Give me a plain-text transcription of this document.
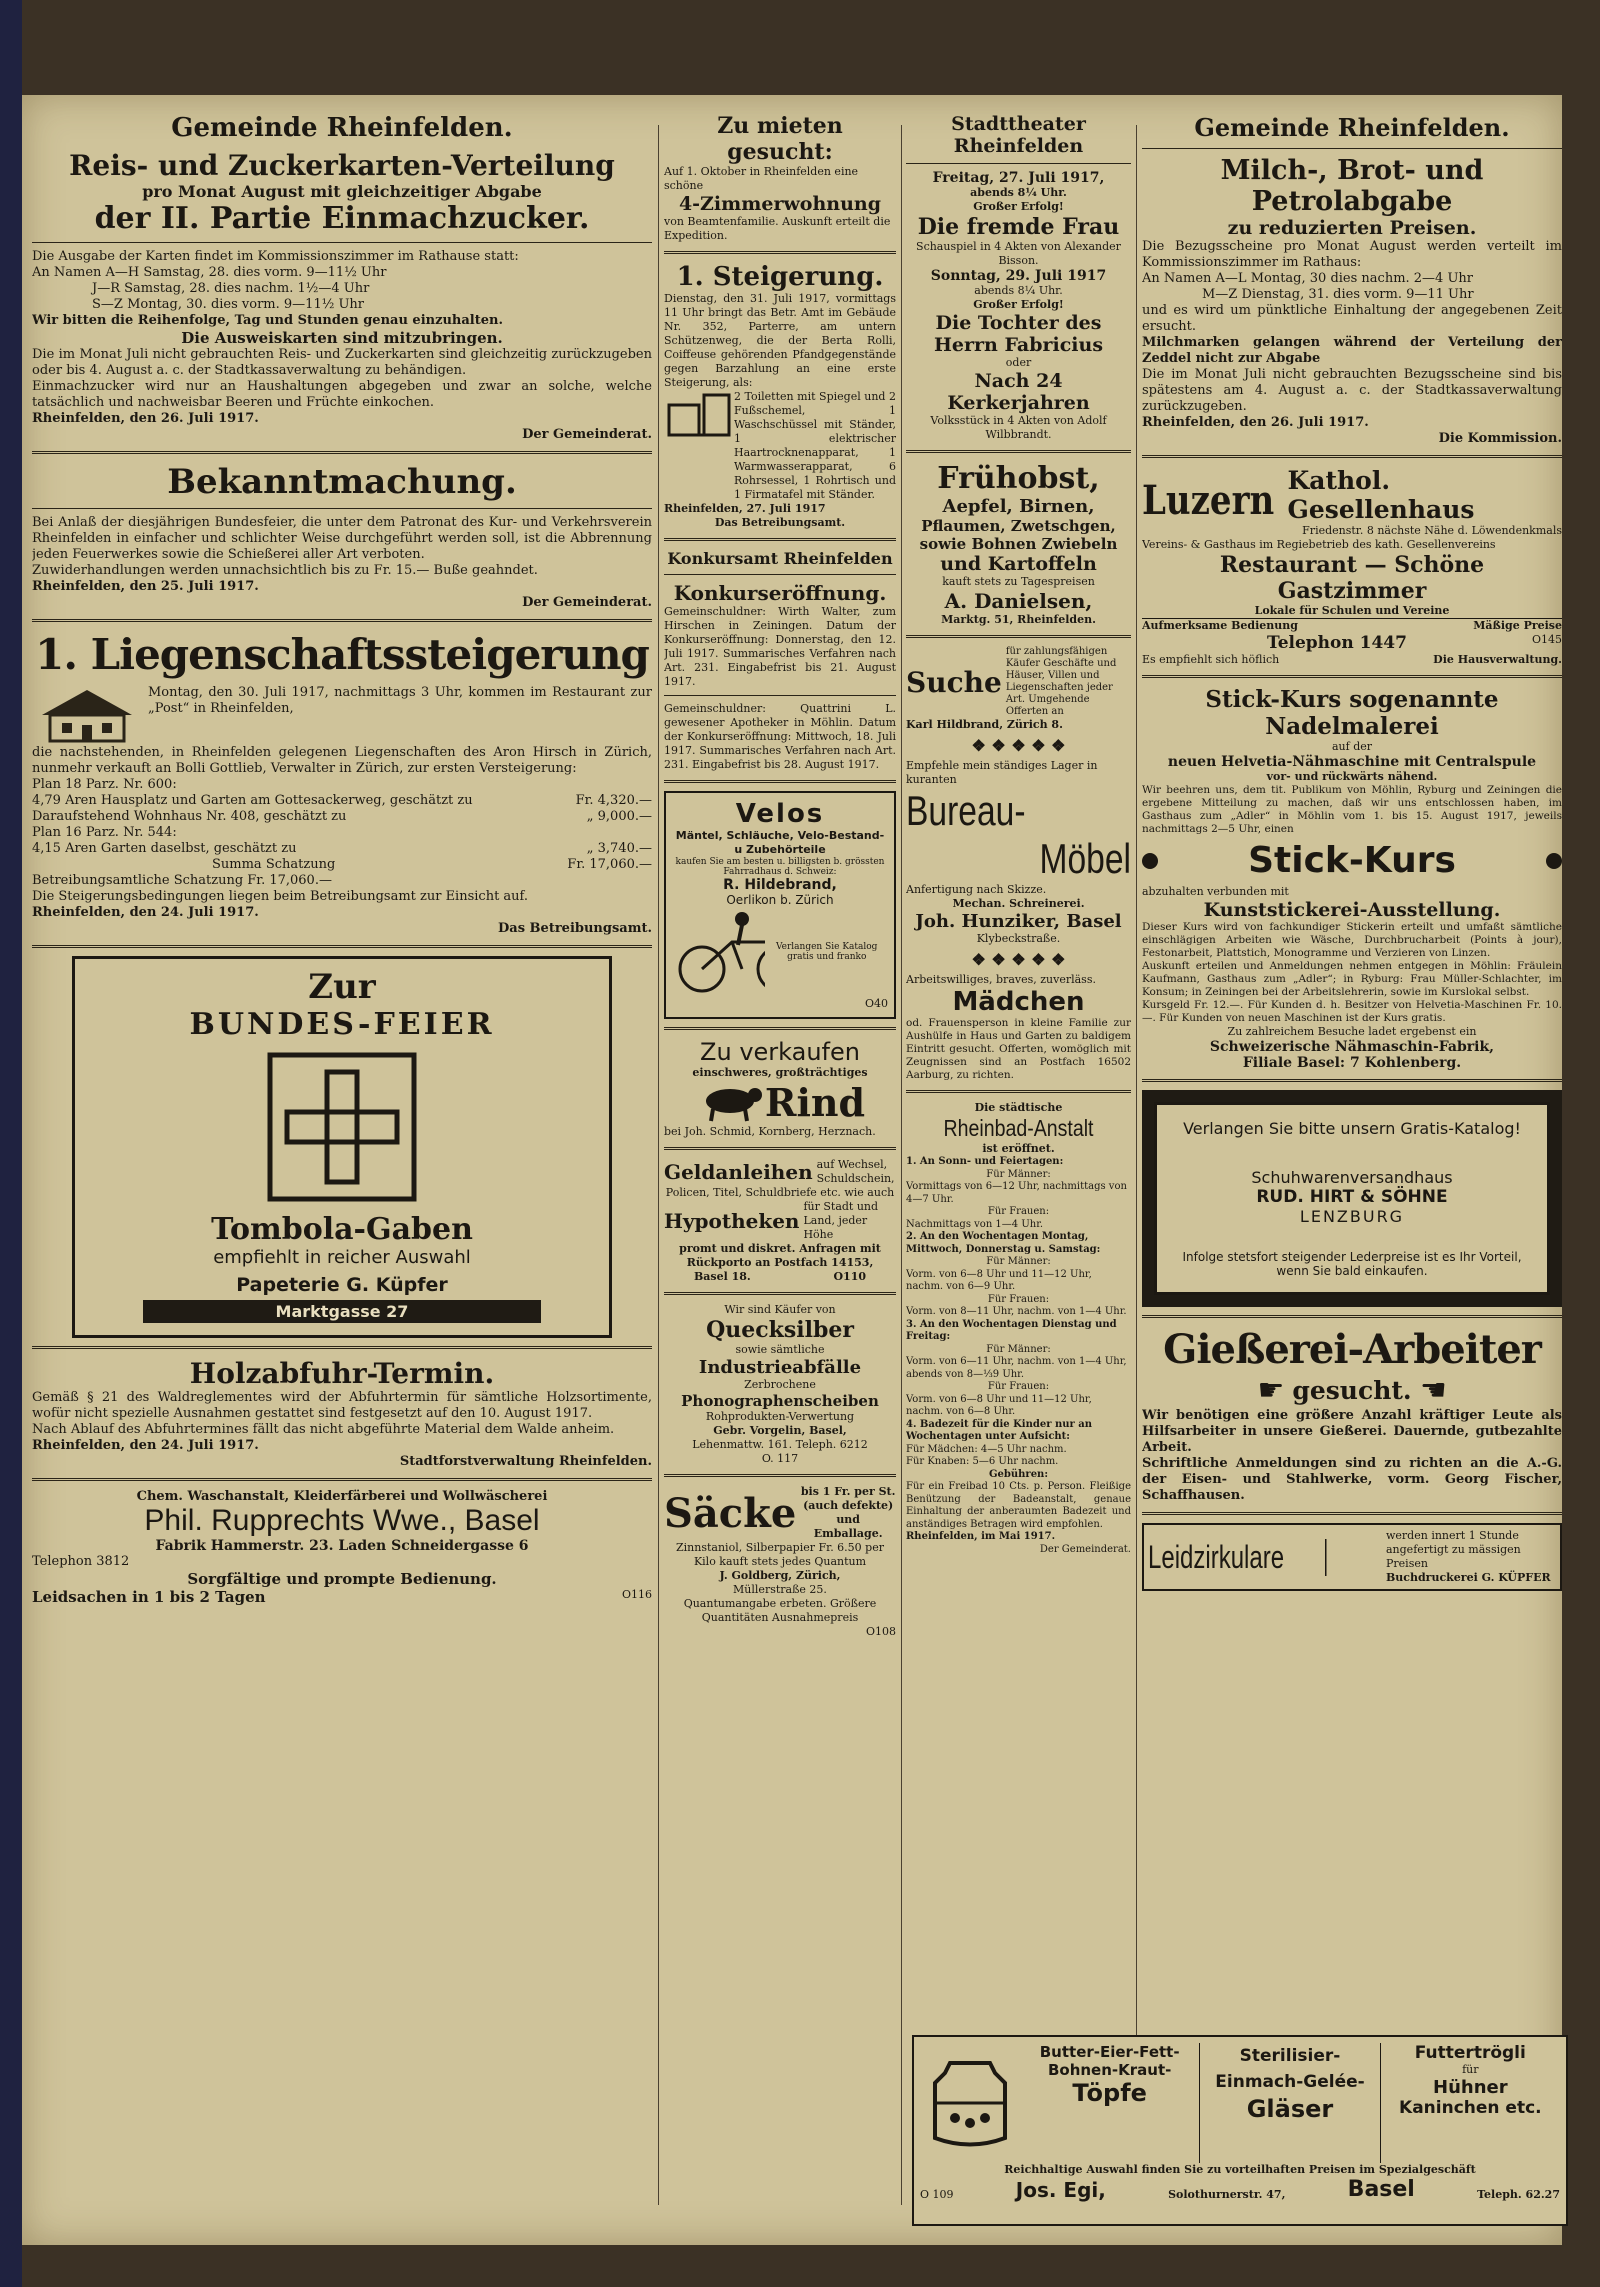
Gemeinde Rheinfelden.

Reis- und Zuckerkarten-Verteilung

pro Monat August mit gleichzeitiger Abgabe

der II. Partie Einmachzucker.

Die Ausgabe der Karten findet im Kommissionszimmer im Rathause statt:

An Namen A—H Samstag, 28. dies vorm. 9—11½ Uhr

J—R Samstag, 28. dies nachm. 1½—4 Uhr

S—Z Montag, 30. dies vorm. 9—11½ Uhr

Wir bitten die Reihenfolge, Tag und Stunden genau einzuhalten.

Die Ausweiskarten sind mitzubringen.

Die im Monat Juli nicht gebrauchten Reis- und Zuckerkarten sind gleichzeitig zurückzugeben oder bis 4. August a. c. der Stadtkassaverwaltung zu behändigen.

Einmachzucker wird nur an Haushaltungen abgegeben und zwar an solche, welche tatsächlich und nachweisbar Beeren und Früchte einkochen.

Rheinfelden, den 26. Juli 1917.

Der Gemeinderat.

Bekanntmachung.

Bei Anlaß der diesjährigen Bundesfeier, die unter dem Patronat des Kur- und Verkehrsverein Rheinfelden in einfacher und schlichter Weise durchgeführt werden soll, ist die Abbrennung jeden Feuerwerkes sowie die Schießerei aller Art verboten.

Zuwiderhandlungen werden unnachsichtlich bis zu Fr. 15.— Buße geahndet.

Rheinfelden, den 25. Juli 1917.

Der Gemeinderat.

1. Liegenschaftssteigerung

Montag, den 30. Juli 1917, nachmittags 3 Uhr, kommen im Restaurant zur „Post“ in Rheinfelden,

die nachstehenden, in Rheinfelden gelegenen Liegenschaften des Aron Hirsch in Zürich, nunmehr verkauft an Bolli Gottlieb, Verwalter in Zürich, zur ersten Versteigerung:

Plan 18 Parz. Nr. 600:

4,79 Aren Hausplatz und Garten am Gottesackerweg, geschätzt zu	Fr. 4,320.—
Daraufstehend Wohnhaus Nr. 408, geschätzt zu	„ 9,000.—

Plan 16 Parz. Nr. 544:

4,15 Aren Garten daselbst, geschätzt zu	„ 3,740.—
Summa Schatzung	Fr. 17,060.—

Betreibungsamtliche Schatzung Fr. 17,060.—

Die Steigerungsbedingungen liegen beim Betreibungsamt zur Einsicht auf.

Rheinfelden, den 24. Juli 1917.

Das Betreibungsamt.

Zur

BUNDES-FEIER

Tombola-Gaben

empfiehlt in reicher Auswahl

Papeterie G. Küpfer

Marktgasse 27

Holzabfuhr-Termin.

Gemäß § 21 des Waldreglementes wird der Abfuhrtermin für sämtliche Holzsortimente, wofür nicht spezielle Ausnahmen gestattet sind festgesetzt auf den 10. August 1917.

Nach Ablauf des Abfuhrtermines fällt das nicht abgeführte Material dem Walde anheim.

Rheinfelden, den 24. Juli 1917.

Stadtforstverwaltung Rheinfelden.

Chem. Waschanstalt, Kleiderfärberei und Wollwäscherei

Phil. Rupprechts Wwe., Basel

Fabrik Hammerstr. 23. Laden Schneidergasse 6

Telephon 3812

Sorgfältige und prompte Bedienung.

Leidsachen in 1 bis 2 Tagen	O116

Zu mieten gesucht:

Auf 1. Oktober in Rheinfelden eine schöne

4-Zimmerwohnung

von Beamtenfamilie. Auskunft erteilt die Expedition.

1. Steigerung.

Dienstag, den 31. Juli 1917, vormittags 11 Uhr bringt das Betr. Amt im Gebäude Nr. 352, Parterre, am untern Schützenweg, die der Berta Rolli, Coiffeuse gehörenden Pfandgegenstände gegen Barzahlung an eine erste Steigerung, als:

2 Toiletten mit Spiegel und 2 Fußschemel, 1 Waschschüssel mit Ständer, 1 elektrischer Haartrocknenapparat, 1 Warmwasserapparat, 6 Rohrsessel, 1 Rohrtisch und 1 Firmatafel mit Ständer.

Rheinfelden, 27. Juli 1917

Das Betreibungsamt.

Konkursamt Rheinfelden

Konkurseröffnung.

Gemeinschuldner: Wirth Walter, zum Hirschen in Zeiningen. Datum der Konkurseröffnung: Donnerstag, den 12. Juli 1917. Summarisches Verfahren nach Art. 231. Eingabefrist bis 21. August 1917.

Gemeinschuldner: Quattrini L. gewesener Apotheker in Möhlin. Datum der Konkurseröffnung: Mittwoch, 18. Juli 1917. Summarisches Verfahren nach Art. 231. Eingabefrist bis 28. August 1917.

Velos

Mäntel, Schläuche, Velo-Bestand- u Zubehörteile

kaufen Sie am besten u. billigsten b. grössten Fahrradhaus d. Schweiz:

R. Hildebrand,

Oerlikon b. Zürich

Verlangen Sie Katalog gratis und franko

O40

Zu verkaufen

einschweres, großträchtiges

Rind

bei Joh. Schmid, Kornberg, Herznach.

Geldanleihen auf Wechsel, Schuldschein,

Policen, Titel, Schuldbriefe etc. wie auch

Hypotheken
für Stadt und Land, jeder Höhe

promt und diskret. Anfragen mit Rückporto an Postfach 14153,

Basel 18.	O110

Wir sind Käufer von

Quecksilber

sowie sämtliche

Industrieabfälle

Zerbrochene

Phonographenscheiben

Rohprodukten-Verwertung

Gebr. Vorgelin, Basel,

Lehenmattw. 161. Teleph. 6212

O. 117

Säcke bis 1 Fr. per St. (auch defekte) und Emballage.

Zinnstaniol, Silberpapier Fr. 6.50 per Kilo kauft stets jedes Quantum

J. Goldberg, Zürich,

Müllerstraße 25.

Quantumangabe erbeten. Größere Quantitäten Ausnahmepreis

O108

Stadttheater Rheinfelden

Freitag, 27. Juli 1917,

abends 8¼ Uhr.

Großer Erfolg!

Die fremde Frau

Schauspiel in 4 Akten von Alexander Bisson.

Sonntag, 29. Juli 1917

abends 8¼ Uhr.

Großer Erfolg!

Die Tochter des Herrn Fabricius

oder

Nach 24 Kerkerjahren

Volksstück in 4 Akten von Adolf Wilbbrandt.

Frühobst,

Aepfel, Birnen,

Pflaumen, Zwetschgen,

sowie Bohnen Zwiebeln

und Kartoffeln

kauft stets zu Tagespreisen

A. Danielsen,

Marktg. 51, Rheinfelden.

Suche
für zahlungsfähigen Käufer Geschäfte und Häuser, Villen und Liegenschaften jeder Art. Umgehende Offerten an

Karl Hildbrand, Zürich 8.

❖ ❖ ❖ ❖ ❖

Empfehle mein ständiges Lager in kuranten

Bureau-

Möbel

Anfertigung nach Skizze.

Mechan. Schreinerei.

Joh. Hunziker, Basel

Klybeckstraße.

❖ ❖ ❖ ❖ ❖

Arbeitswilliges, braves, zuverläss.

Mädchen

od. Frauensperson in kleine Familie zur Aushülfe in Haus und Garten zu baldigem Eintritt gesucht. Offerten, womöglich mit Zeugnissen sind an Postfach 16502 Aarburg, zu richten.

Die städtische

Rheinbad-Anstalt

ist eröffnet.

1. An Sonn- und Feiertagen:

Für Männer:

Vormittags von 6—12 Uhr, nachmittags von 4—7 Uhr.

Für Frauen:

Nachmittags von 1—4 Uhr.

2. An den Wochentagen Montag, Mittwoch, Donnerstag u. Samstag:

Für Männer:

Vorm. von 6—8 Uhr und 11—12 Uhr, nachm. von 6—9 Uhr.

Für Frauen:

Vorm. von 8—11 Uhr, nachm. von 1—4 Uhr.

3. An den Wochentagen Dienstag und Freitag:

Für Männer:

Vorm. von 6—11 Uhr, nachm. von 1—4 Uhr, abends von 8—⅓9 Uhr.

Für Frauen:

Vorm. von 6—8 Uhr und 11—12 Uhr, nachm. von 6—8 Uhr.

4. Badezeit für die Kinder nur an Wochentagen unter Aufsicht:

Für Mädchen: 4—5 Uhr nachm.

Für Knaben: 5—6 Uhr nachm.

Gebühren:

Für ein Freibad 10 Cts. p. Person. Fleißige Benützung der Badeanstalt, genaue Einhaltung der anberaumten Badezeit und anständiges Betragen wird empfohlen.

Rheinfelden, im Mai 1917.

Der Gemeinderat.

Gemeinde Rheinfelden.

Milch-, Brot- und Petrolabgabe

zu reduzierten Preisen.

Die Bezugsscheine pro Monat August werden verteilt im Kommissionszimmer im Rathaus:

An Namen A—L Montag, 30 dies nachm. 2—4 Uhr

M—Z Dienstag, 31. dies vorm. 9—11 Uhr

und es wird um pünktliche Einhaltung der angegebenen Zeit ersucht.

Milchmarken gelangen während der Verteilung der Zeddel nicht zur Abgabe

Die im Monat Juli nicht gebrauchten Bezugsscheine sind bis spätestens am 4. August a. c. der Stadtkassaverwaltung zurückzugeben.

Rheinfelden, den 26. Juli 1917.

Die Kommission.

Luzern Kathol. Gesellenhaus

Friedenstr. 8 nächste Nähe d. Löwendenkmals

Vereins- & Gasthaus im Regiebetrieb des kath. Gesellenvereins

Restaurant — Schöne Gastzimmer

Lokale für Schulen und Vereine

Aufmerksame Bedienung	Mäßige Preise
Telephon 1447	O145
Es empfiehlt sich höflich	Die Hausverwaltung.

Stick-Kurs sogenannte Nadelmalerei

auf der

neuen Helvetia-Nähmaschine mit Centralspule

vor- und rückwärts nähend.

Wir beehren uns, dem tit. Publikum von Möhlin, Ryburg und Zeiningen die ergebene Mitteilung zu machen, daß wir uns entschlossen haben, im Gasthaus zum „Adler“ in Möhlin vom 1. bis 15. August 1917, jeweils nachmittags 2—5 Uhr, einen

Stick-Kurs

abzuhalten verbunden mit

Kunststickerei-Ausstellung.

Dieser Kurs wird von fachkundiger Stickerin erteilt und umfaßt sämtliche einschlägigen Arbeiten wie Wäsche, Durchbrucharbeit (Points à jour), Festonarbeit, Plattstich, Monogramme und Verzieren von Linzen.

Auskunft erteilen und Anmeldungen nehmen entgegen in Möhlin: Fräulein Kaufmann, Gasthaus zum „Adler“; in Ryburg: Frau Müller-Schlachter, im Konsum; in Zeiningen bei der Arbeitslehrerin, sowie im Kurslokal selbst.

Kursgeld Fr. 12.—. Für Kunden d. h. Besitzer von Helvetia-Maschinen Fr. 10.—. Für Kunden von neuen Maschinen ist der Kurs gratis.

Zu zahlreichem Besuche ladet ergebenst ein

Schweizerische Nähmaschin-Fabrik,

Filiale Basel: 7 Kohlenberg.

Verlangen Sie bitte unsern Gratis-Katalog!

Schuhwarenversandhaus

RUD. HIRT & SÖHNE

LENZBURG

Infolge stetsfort steigender Lederpreise ist es Ihr Vorteil, wenn Sie bald einkaufen.

Gießerei-Arbeiter

☛ gesucht. ☛

Wir benötigen eine größere Anzahl kräftiger Leute als Hilfsarbeiter in unsere Gießerei. Dauernde, gutbezahlte Arbeit.

Schriftliche Anmeldungen sind zu richten an die A.-G. der Eisen- und Stahlwerke, vorm. Georg Fischer, Schaffhausen.

Leidzirkulare

werden innert 1 Stunde angefertigt zu mässigen Preisen

Buchdruckerei G. KÜPFER

Butter-Eier-Fett-Bohnen-Kraut-

Töpfe

Sterilisier-Einmach-Gelée-

Gläser

Futtertrögli

für

Hühner

Kaninchen etc.

Reichhaltige Auswahl finden Sie zu vorteilhaften Preisen im Spezialgeschäft

O 109	Jos. Egi,	Solothurnerstr. 47,	Basel	Teleph. 62.27
